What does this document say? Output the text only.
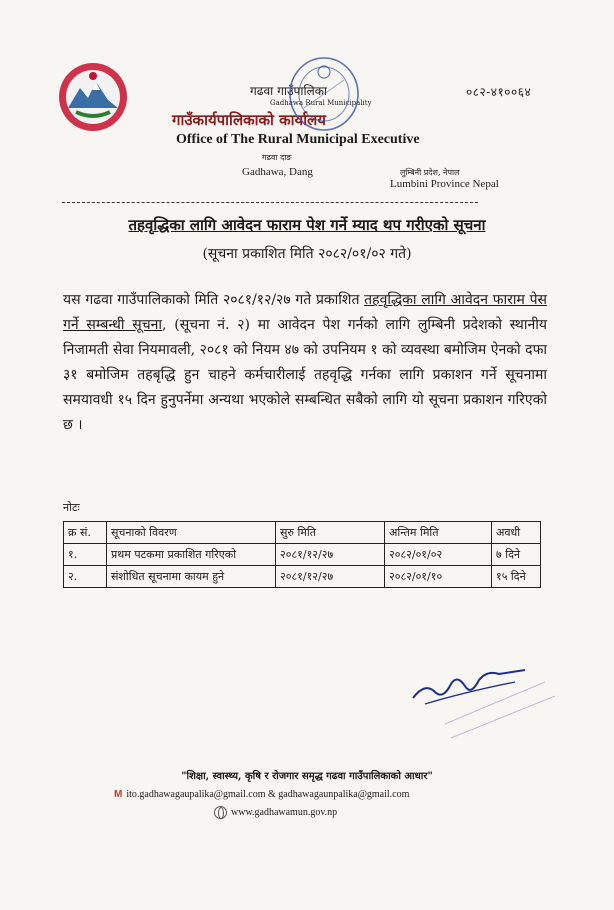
०८२-४१००६४
गढवा गाउँपालिका
Gadhawa Rural Municipality
गाउँकार्यपालिकाको कार्यालय
Office of The Rural Municipal Executive
गढवा दाङ
Gadhawa, Dang	लुम्बिनी प्रदेश, नेपाल
Lumbini Province Nepal
तहवृद्धिका लागि आवेदन फाराम पेश गर्ने म्याद थप गरीएको सूचना
(सूचना प्रकाशित मिति २०८२/०१/०२ गते)
यस गढवा गाउँपालिकाको मिति २०८१/१२/२७ गते प्रकाशित तहवृद्धिका लागि आवेदन फाराम पेस गर्ने सम्बन्धी सूचना, (सूचना नं. २) मा आवेदन पेश गर्नको लागि लुम्बिनी प्रदेशको स्थानीय निजामती सेवा नियमावली, २०८१ को नियम ४७ को उपनियम १ को व्यवस्था बमोजिम ऐनको दफा ३१ बमोजिम तहबृद्धि हुन चाहने कर्मचारीलाई तहवृद्धि गर्नका लागि प्रकाशन गर्ने सूचनामा समयावधी १५ दिन हुनुपर्नेमा अन्यथा भएकोले सम्बन्धित सबैको लागि यो सूचना प्रकाशन गरिएको छ ।
नोटः
क्र सं.	सूचनाको विवरण	सुरु मिति	अन्तिम मिति	अवधी
१.	प्रथम पटकमा प्रकाशित गरिएको	२०८१/१२/२७	२०८२/०१/०२	७ दिने
२.	संशोधित सूचनामा कायम हुने	२०८१/१२/२७	२०८२/०१/१०	१५ दिने
"शिक्षा, स्वास्थ्य, कृषि र रोजगार समृद्ध गढवा गाउँपालिकाको आधार"
M ito.gadhawagaupalika@gmail.com & gadhawagaunpalika@gmail.com
www.gadhawamun.gov.np
